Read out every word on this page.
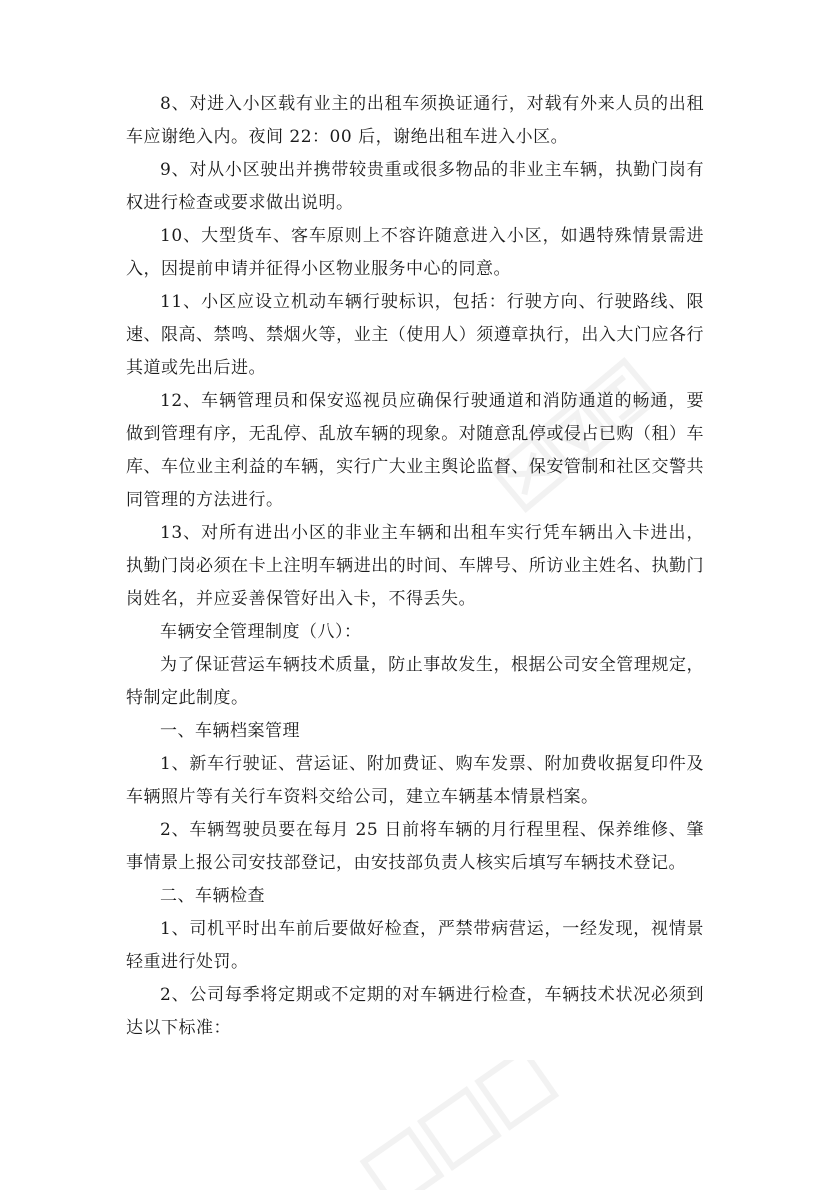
8、对进入小区载有业主的出租车须换证通行，对载有外来人员的出租车应谢绝入内。夜间 22：00 后，谢绝出租车进入小区。

9、对从小区驶出并携带较贵重或很多物品的非业主车辆，执勤门岗有权进行检查或要求做出说明。

10、大型货车、客车原则上不容许随意进入小区，如遇特殊情景需进入，因提前申请并征得小区物业服务中心的同意。

11、小区应设立机动车辆行驶标识，包括：行驶方向、行驶路线、限速、限高、禁鸣、禁烟火等，业主（使用人）须遵章执行，出入大门应各行其道或先出后进。

12、车辆管理员和保安巡视员应确保行驶通道和消防通道的畅通，要做到管理有序，无乱停、乱放车辆的现象。对随意乱停或侵占已购（租）车库、车位业主利益的车辆，实行广大业主舆论监督、保安管制和社区交警共同管理的方法进行。

13、对所有进出小区的非业主车辆和出租车实行凭车辆出入卡进出，执勤门岗必须在卡上注明车辆进出的时间、车牌号、所访业主姓名、执勤门岗姓名，并应妥善保管好出入卡，不得丢失。

车辆安全管理制度（八）：

为了保证营运车辆技术质量，防止事故发生，根据公司安全管理规定，特制定此制度。

一、车辆档案管理

1、新车行驶证、营运证、附加费证、购车发票、附加费收据复印件及车辆照片等有关行车资料交给公司，建立车辆基本情景档案。

2、车辆驾驶员要在每月 25 日前将车辆的月行程里程、保养维修、肇事情景上报公司安技部登记，由安技部负责人核实后填写车辆技术登记。

二、车辆检查

1、司机平时出车前后要做好检查，严禁带病营运，一经发现，视情景轻重进行处罚。

2、公司每季将定期或不定期的对车辆进行检查，车辆技术状况必须到达以下标准：
